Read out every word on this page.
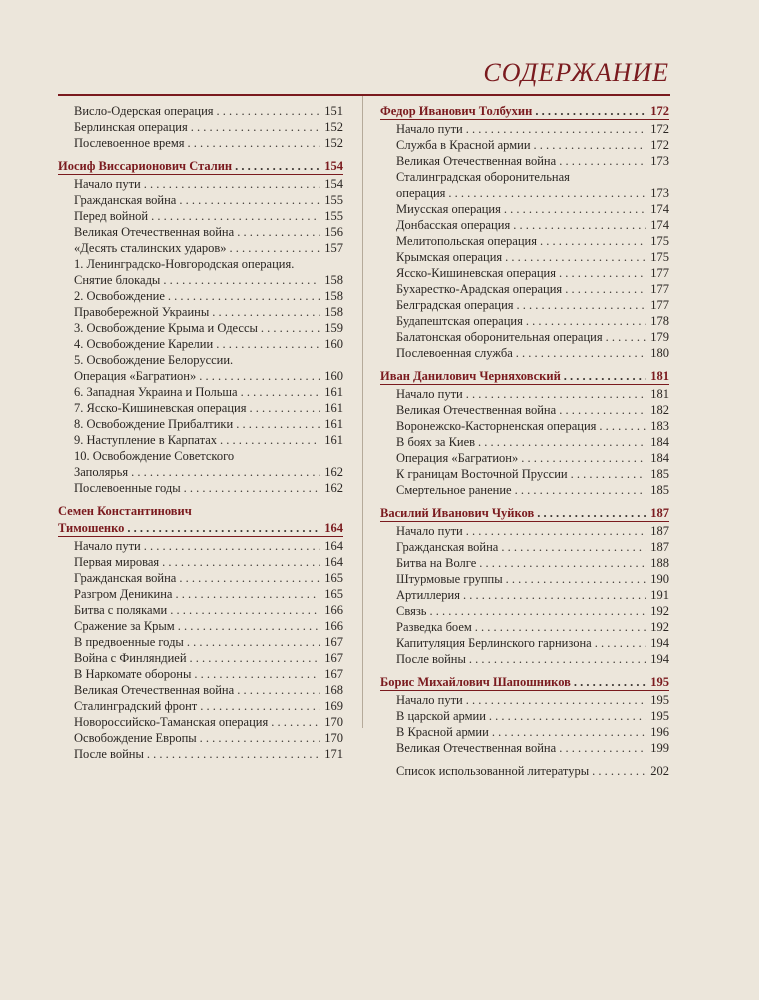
СОДЕРЖАНИЕ
Висло-Одерская операция . . .	151
Берлинская операция . . .	152
Послевоенное время . . .	152
Иосиф Виссарионович Сталин . . .	154
Начало пути . . .	154
Гражданская война . . .	155
Перед войной . . .	155
Великая Отечественная война . . .	156
«Десять сталинских ударов» . . .	157
1. Ленинградско-Новгородская операция.
Снятие блокады . . .	158
2. Освобождение . . .	158
Правобережной Украины . . .	158
3. Освобождение Крыма и Одессы . . .	159
4. Освобождение Карелии . . .	160
5. Освобождение Белоруссии.
Операция «Багратион» . . .	160
6. Западная Украина и Польша . . .	161
7. Ясско-Кишиневская операция . . .	161
8. Освобождение Прибалтики . . .	161
9. Наступление в Карпатах . . .	161
10. Освобождение Советского
Заполярья . . .	162
Послевоенные годы . . .	162
Семен Константинович
Тимошенко . . .	164
Начало пути . . .	164
Первая мировая . . .	164
Гражданская война . . .	165
Разгром Деникина . . .	165
Битва с поляками . . .	166
Сражение за Крым . . .	166
В предвоенные годы . . .	167
Война с Финляндией . . .	167
В Наркомате обороны . . .	167
Великая Отечественная война . . .	168
Сталинградский фронт . . .	169
Новороссийско-Таманская операция . . .	170
Освобождение Европы . . .	170
После войны . . .	171
Федор Иванович Толбухин . . .	172
Начало пути . . .	172
Служба в Красной армии . . .	172
Великая Отечественная война . . .	173
Сталинградская оборонительная
операция . . .	173
Миусская операция . . .	174
Донбасская операция . . .	174
Мелитопольская операция . . .	175
Крымская операция . . .	175
Ясско-Кишиневская операция . . .	177
Бухарестко-Арадская операция . . .	177
Белградская операция . . .	177
Будапештская операция . . .	178
Балатонская оборонительная операция . . .	179
Послевоенная служба . . .	180
Иван Данилович Черняховский . . .	181
Начало пути . . .	181
Великая Отечественная война . . .	182
Воронежско-Касторненская операция . . .	183
В боях за Киев . . .	184
Операция «Багратион» . . .	184
К границам Восточной Пруссии . . .	185
Смертельное ранение . . .	185
Василий Иванович Чуйков . . .	187
Начало пути . . .	187
Гражданская война . . .	187
Битва на Волге . . .	188
Штурмовые группы . . .	190
Артиллерия . . .	191
Связь . . .	192
Разведка боем . . .	192
Капитуляция Берлинского гарнизона . . .	194
После войны . . .	194
Борис Михайлович Шапошников . . .	195
Начало пути . . .	195
В царской армии . . .	195
В Красной армии . . .	196
Великая Отечественная война . . .	199
Список использованной литературы . . .	202
